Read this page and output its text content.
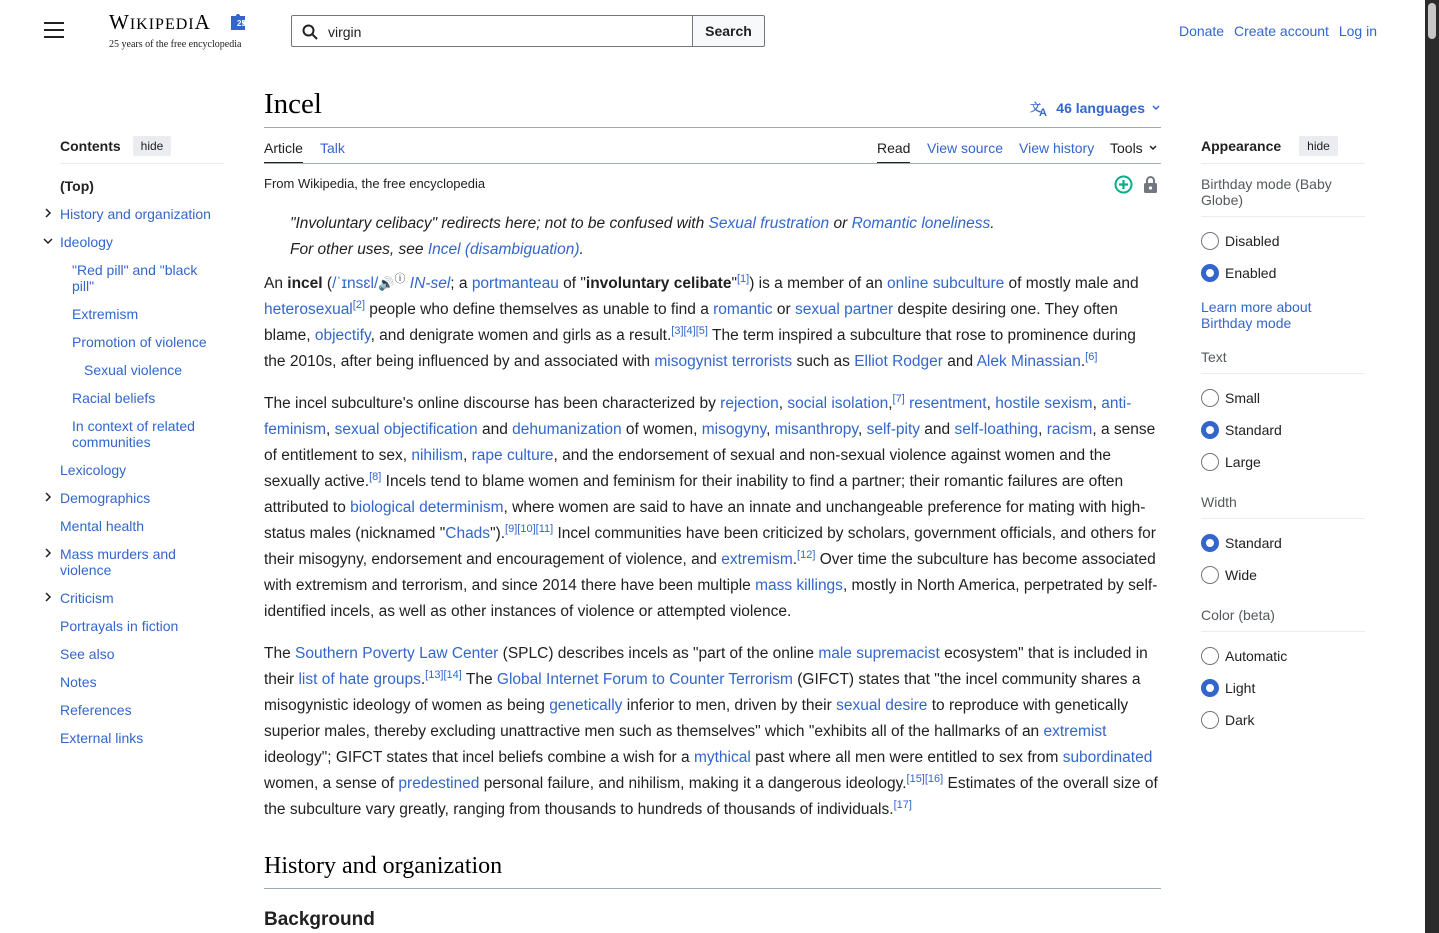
WIKIPEDIA	25
25 years of the free encyclopedia
virgin
Search	Donate Create account Log in
Contents	hide
(Top)
History and organization
Ideology
"Red pill" and "black pill"
Extremism
Promotion of violence
Sexual violence
Racial beliefs
In context of related communities
Lexicology
Demographics
Mental health
Mass murders and violence
Criticism
Portrayals in fiction
See also
Notes
References
External links
Incel	文
A 46 languages
Article Talk	Read View source View history Tools
From Wikipedia, the free encyclopedia
"Involuntary celibacy" redirects here; not to be confused with Sexual frustration or Romantic loneliness.
For other uses, see Incel (disambiguation).

An incel (/ˈɪnsɛl/🔊ⓘ IN-sel; a portmanteau of "involuntary celibate"[1]) is a member of an online subculture of mostly male and heterosexual[2] people who define themselves as unable to find a romantic or sexual partner despite desiring one. They often blame, objectify, and denigrate women and girls as a result.[3][4][5] The term inspired a subculture that rose to prominence during the 2010s, after being influenced by and associated with misogynist terrorists such as Elliot Rodger and Alek Minassian.[6]

The incel subculture's online discourse has been characterized by rejection, social isolation,[7] resentment, hostile sexism, anti-feminism, sexual objectification and dehumanization of women, misogyny, misanthropy, self-pity and self-loathing, racism, a sense of entitlement to sex, nihilism, rape culture, and the endorsement of sexual and non-sexual violence against women and the sexually active.[8] Incels tend to blame women and feminism for their inability to find a partner; their romantic failures are often attributed to biological determinism, where women are said to have an innate and unchangeable preference for mating with high-status males (nicknamed "Chads").[9][10][11] Incel communities have been criticized by scholars, government officials, and others for their misogyny, endorsement and encouragement of violence, and extremism.[12] Over time the subculture has become associated with extremism and terrorism, and since 2014 there have been multiple mass killings, mostly in North America, perpetrated by self-identified incels, as well as other instances of violence or attempted violence.

The Southern Poverty Law Center (SPLC) describes incels as "part of the online male supremacist ecosystem" that is included in their list of hate groups.[13][14] The Global Internet Forum to Counter Terrorism (GIFCT) states that "the incel community shares a misogynistic ideology of women as being genetically inferior to men, driven by their sexual desire to reproduce with genetically superior males, thereby excluding unattractive men such as themselves" which "exhibits all of the hallmarks of an extremist ideology"; GIFCT states that incel beliefs combine a wish for a mythical past where all men were entitled to sex from subordinated women, a sense of predestined personal failure, and nihilism, making it a dangerous ideology.[15][16] Estimates of the overall size of the subculture vary greatly, ranging from thousands to hundreds of thousands of individuals.[17]

History and organization
Background
Appearance	hide
Birthday mode (Baby Globe)
Disabled
Enabled
Learn more about Birthday mode
Text
Small
Standard
Large
Width
Standard
Wide
Color (beta)
Automatic
Light
Dark
